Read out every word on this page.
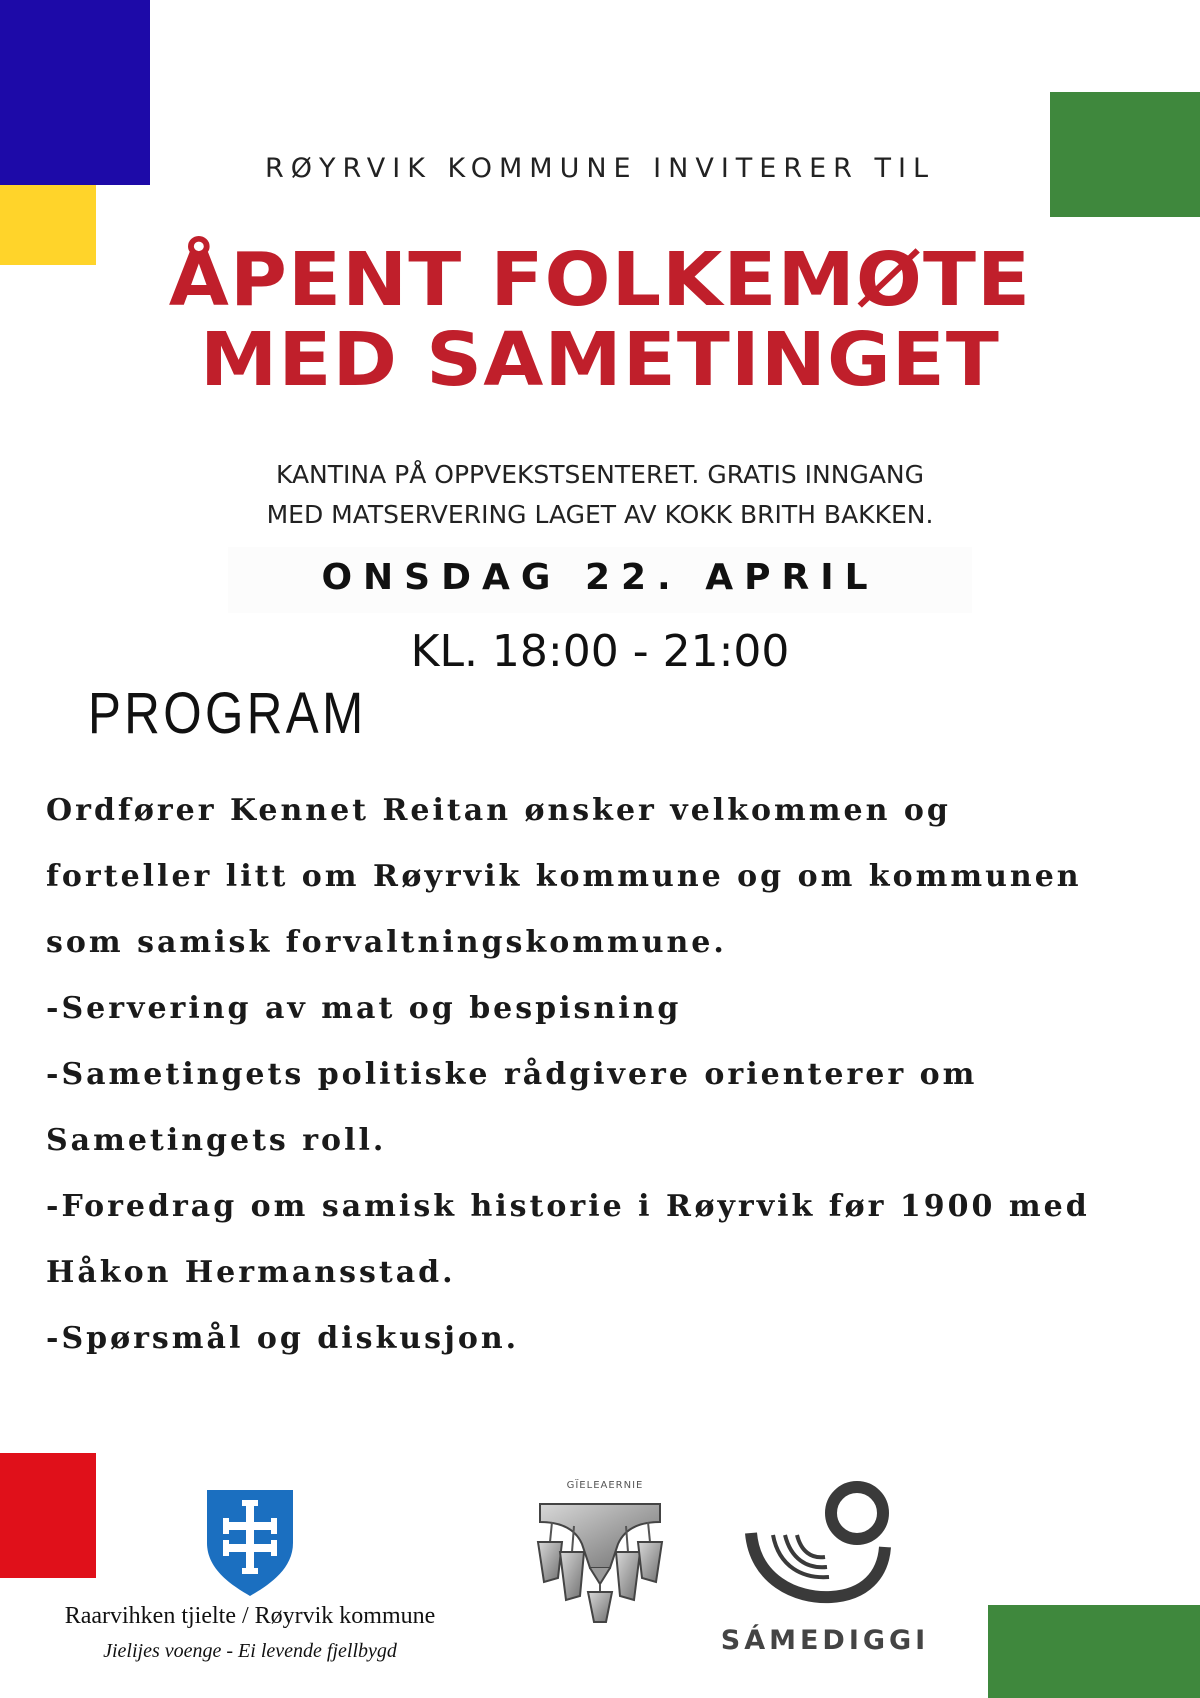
RØYRVIK KOMMUNE INVITERER TIL
ÅPENT FOLKEMØTE
MED SAMETINGET
KANTINA PÅ OPPVEKSTSENTERET. GRATIS INNGANG
MED MATSERVERING LAGET AV KOKK BRITH BAKKEN.
ONSDAG 22. APRIL
KL. 18:00 - 21:00
PROGRAM
Ordfører Kennet Reitan ønsker velkommen og
forteller litt om Røyrvik kommune og om kommunen
som samisk forvaltningskommune.
-Servering av mat og bespisning
-Sametingets politiske rådgivere orienterer om
Sametingets roll.
-Foredrag om samisk historie i Røyrvik før 1900 med
Håkon Hermansstad.
-Spørsmål og diskusjon.
Raarvihken tjielte / Røyrvik kommune
Jielijes voenge - Ei levende fjellbygd
GÏELEAERNIE
SÁMEDIGGI
